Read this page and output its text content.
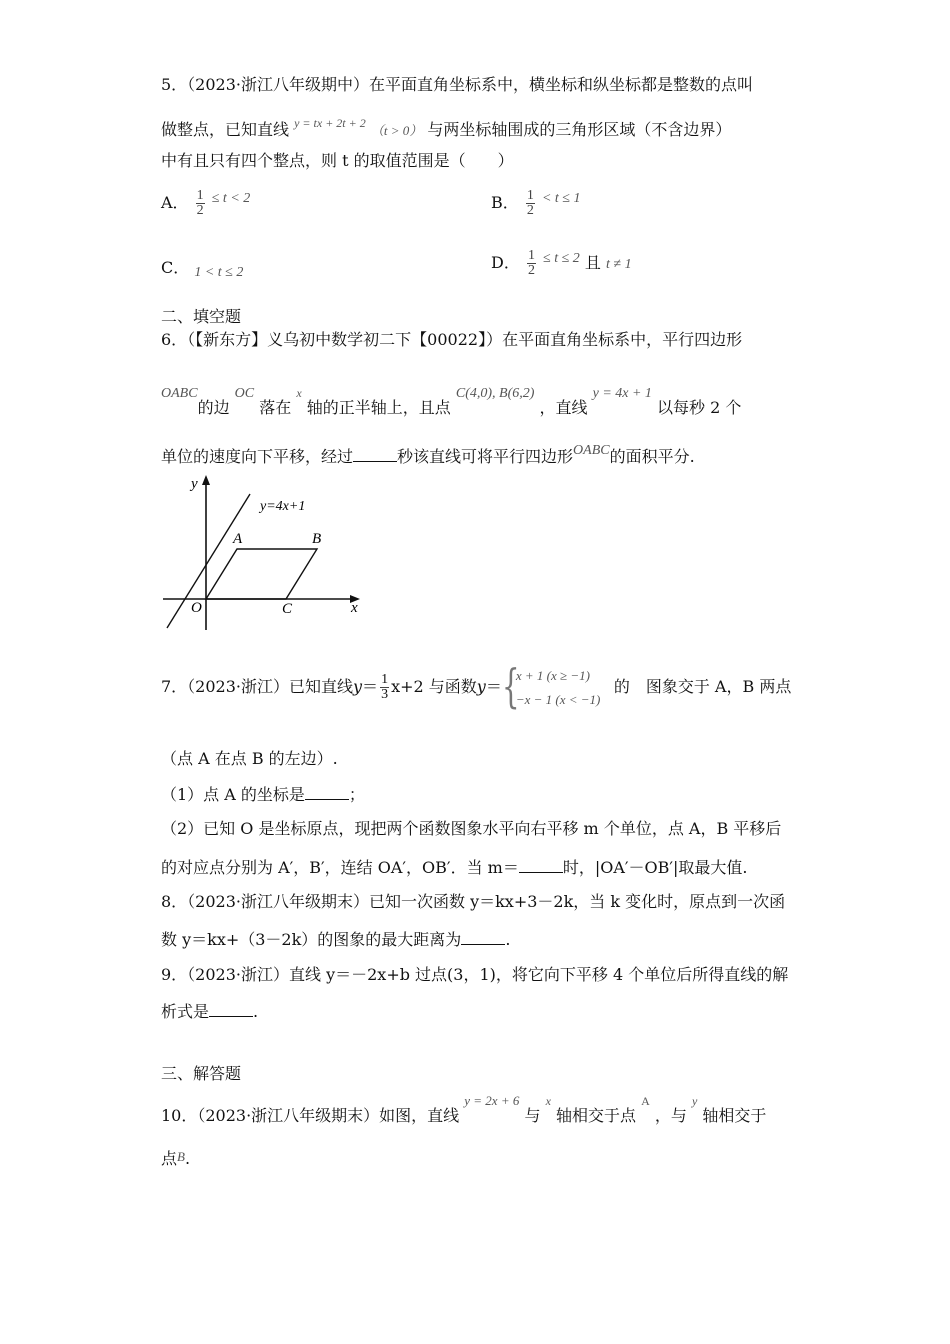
5．（2023·浙江八年级期中）在平面直角坐标系中，横坐标和纵坐标都是整数的点叫
做整点，已知直线 $^{y = tx + 2t + 2}$ （t > 0） 与两坐标轴围成的三角形区域（不含边界）
中有且只有四个整点，则 t 的取值范围是（　　）
A． $\frac{1}{2} \le t < 2$	B． $\frac{1}{2} < t \le 1$
C． 1 < t ≤ 2
D． $\frac{1}{2} \le t \le 2$ 且 t ≠ 1
二、填空题
6．（【新东方】义乌初中数学初二下【00022】）在平面直角坐标系中，平行四边形
OABC的边 OC 落在 $^x$ 轴的正半轴上，且点 C(4,0), B(6,2) ，直线 y = 4x + 1 以每秒 2 个
单位的速度向下平移，经过	秒该直线可将平行四边形OABC的面积平分.
y
x
y=4x+1
A	B
O	C
7．（2023·浙江）已知直线$y= \frac{1}{3} x+2$ 与函数y＝ {
x + 1 (x ≥ −1)
−x − 1 (x < −1)
的　图象交于 A，B 两点
（点 A 在点 B 的左边）.
（1）点 A 的坐标是	；
（2）已知 O 是坐标原点，现把两个函数图象水平向右平移 m 个单位，点 A，B 平移后
的对应点分别为 A′，B′，连结 OA′，OB′．当 m＝	时，|OA′－OB′|取最大值.
8．（2023·浙江八年级期末）已知一次函数 y＝kx+3－2k，当 k 变化时，原点到一次函
数 y＝kx+（3－2k）的图象的最大距离为	.
9．（2023·浙江）直线 y＝－2x+b 过点(3，1)，将它向下平移 4 个单位后所得直线的解
析式是	.
三、解答题
10．（2023·浙江八年级期末）如图，直线 $^{y = 2x + 6}$ 与 $^x$ 轴相交于点 $^A$ ，与 $^y$ 轴相交于
点B.
